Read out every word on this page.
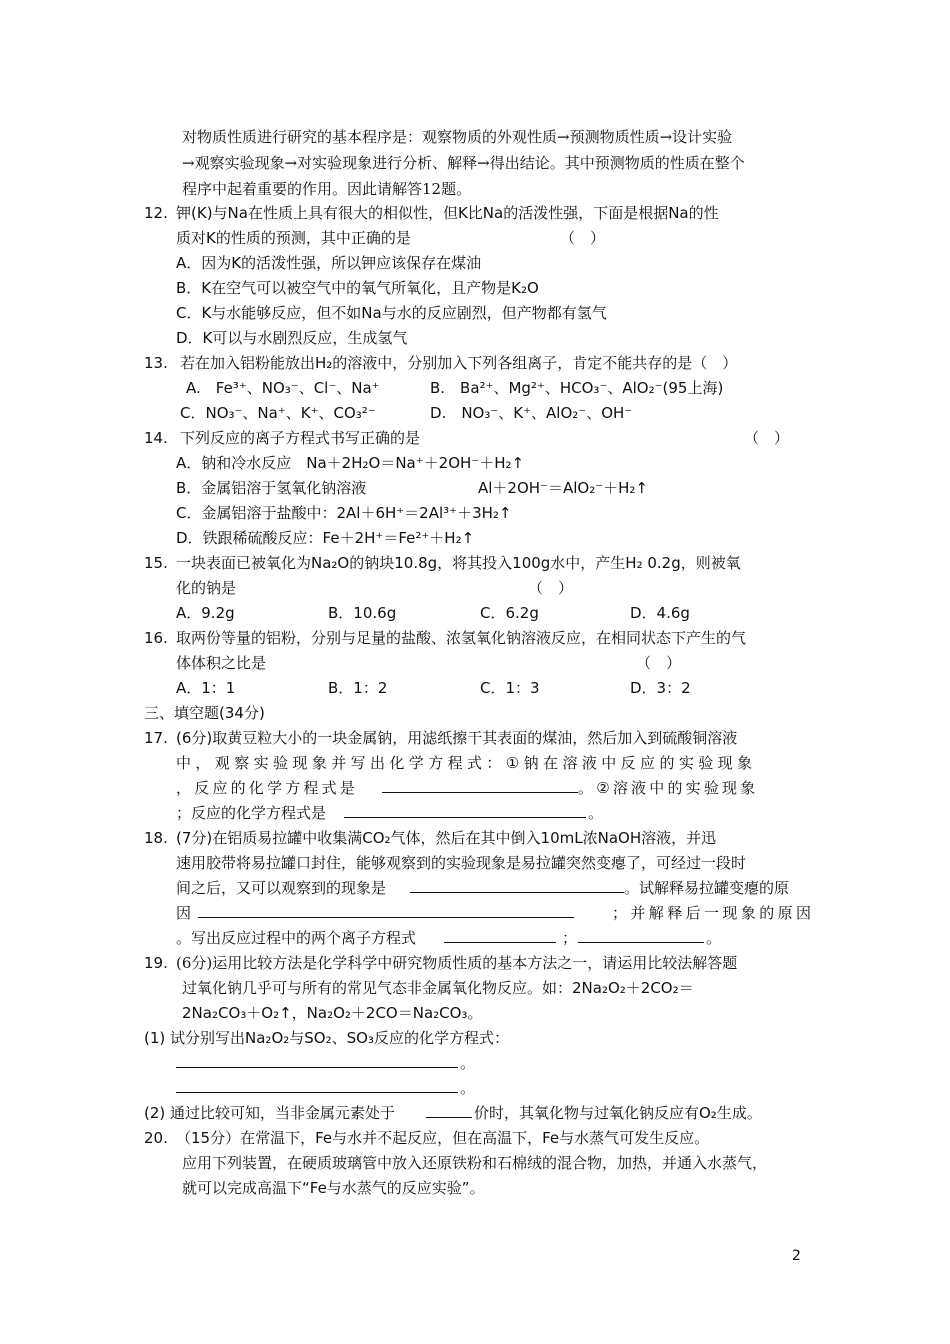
对物质性质进行研究的基本程序是：观察物质的外观性质→预测物质性质→设计实验
→观察实验现象→对实验现象进行分析、解释→得出结论。其中预测物质的性质在整个
程序中起着重要的作用。因此请解答12题。
12. 钾(K)与Na在性质上具有很大的相似性，但K比Na的活泼性强，下面是根据Na的性
质对K的性质的预测，其中正确的是	（　）
A．因为K的活泼性强，所以钾应该保存在煤油
B．K在空气可以被空气中的氧气所氧化，且产物是K₂O
C．K与水能够反应，但不如Na与水的反应剧烈，但产物都有氢气
D．K可以与水剧烈反应，生成氢气
13. 若在加入铝粉能放出H₂的溶液中，分别加入下列各组离子，肯定不能共存的是（　）
A.　Fe³⁺、NO₃⁻、Cl⁻、Na⁺	B.　Ba²⁺、Mg²⁺、HCO₃⁻、AlO₂⁻(95上海)
C．NO₃⁻、Na⁺、K⁺、CO₃²⁻	D.　NO₃⁻、K⁺、AlO₂⁻、OH⁻
14. 下列反应的离子方程式书写正确的是	（　）
A．钠和冷水反应　Na＋2H₂O＝Na⁺＋2OH⁻＋H₂↑
B．金属铝溶于氢氧化钠溶液	Al＋2OH⁻＝AlO₂⁻＋H₂↑
C．金属铝溶于盐酸中：2Al＋6H⁺＝2Al³⁺＋3H₂↑
D．铁跟稀硫酸反应：Fe＋2H⁺＝Fe²⁺＋H₂↑
15. 一块表面已被氧化为Na₂O的钠块10.8g，将其投入100g水中，产生H₂ 0.2g，则被氧
化的钠是	（　）
A．9.2g	B．10.6g	C．6.2g	D．4.6g
16. 取两份等量的铝粉，分别与足量的盐酸、浓氢氧化钠溶液反应，在相同状态下产生的气
体体积之比是	（　）
A．1：1	B．1：2	C．1：3	D．3：2
三、填空题(34分)
17. (6分)取黄豆粒大小的一块金属钠，用滤纸擦干其表面的煤油，然后加入到硫酸铜溶液
中，观察实验现象并写出化学方程式：①钠在溶液中反应的实验现象
，反应的化学方程式是	。②溶液中的实验现象
；反应的化学方程式是	。
18. (7分)在铝质易拉罐中收集满CO₂气体，然后在其中倒入10mL浓NaOH溶液，并迅
速用胶带将易拉罐口封住，能够观察到的实验现象是易拉罐突然变瘪了，可经过一段时
间之后，又可以观察到的现象是	。试解释易拉罐变瘪的原
因	；并解释后一现象的原因
。写出反应过程中的两个离子方程式	；	。
19. (6分)运用比较方法是化学科学中研究物质性质的基本方法之一，请运用比较法解答题
过氧化钠几乎可与所有的常见气态非金属氧化物反应。如：2Na₂O₂＋2CO₂＝
2Na₂CO₃＋O₂↑，Na₂O₂＋2CO＝Na₂CO₃。
(1) 试分别写出Na₂O₂与SO₂、SO₃反应的化学方程式：
。
。
(2) 通过比较可知，当非金属元素处于	价时，其氧化物与过氧化钠反应有O₂生成。
20. （15分）在常温下，Fe与水并不起反应，但在高温下，Fe与水蒸气可发生反应。
应用下列装置，在硬质玻璃管中放入还原铁粉和石棉绒的混合物，加热，并通入水蒸气，
就可以完成高温下“Fe与水蒸气的反应实验”。
2
